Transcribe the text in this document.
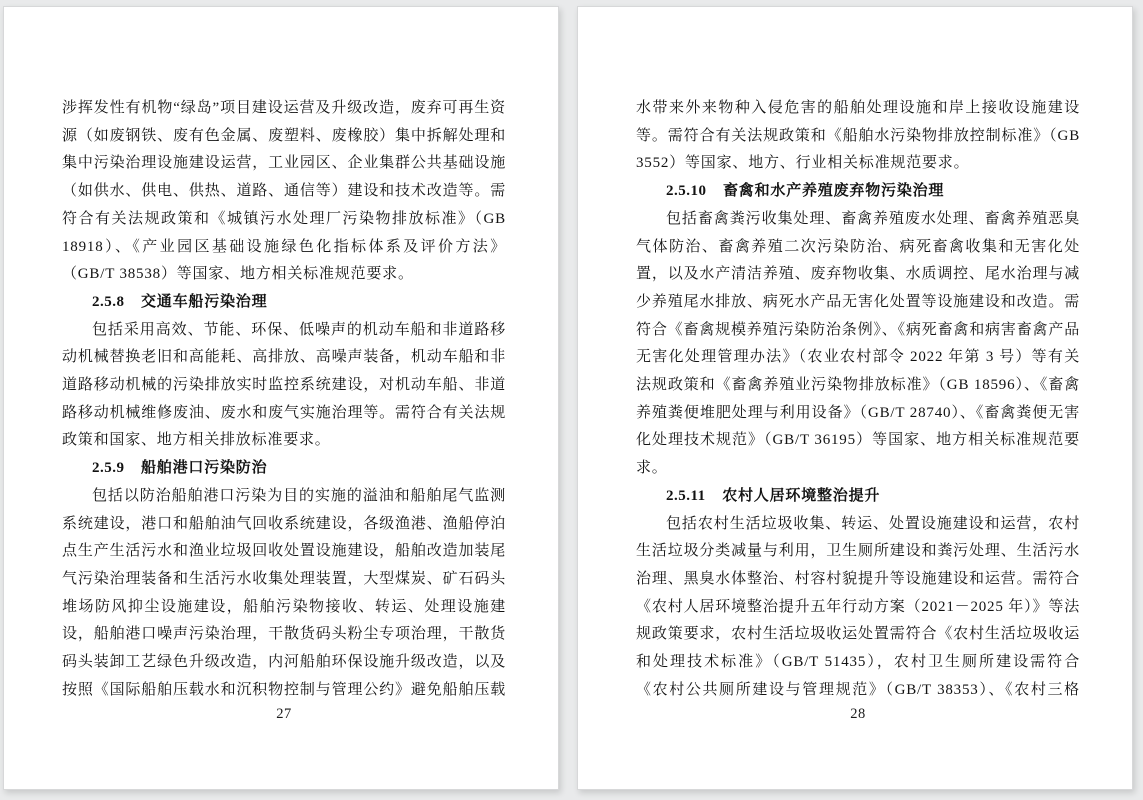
涉挥发性有机物“绿岛”项目建设运营及升级改造，废弃可再生资源（如废钢铁、废有色金属、废塑料、废橡胶）集中拆解处理和集中污染治理设施建设运营，工业园区、企业集群公共基础设施（如供水、供电、供热、道路、通信等）建设和技术改造等。需符合有关法规政策和《城镇污水处理厂污染物排放标准》（GB 18918）、《产业园区基础设施绿色化指标体系及评价方法》（GB/T 38538）等国家、地方相关标准规范要求。

2.5.8 交通车船污染治理

包括采用高效、节能、环保、低噪声的机动车船和非道路移动机械替换老旧和高能耗、高排放、高噪声装备，机动车船和非道路移动机械的污染排放实时监控系统建设，对机动车船、非道路移动机械维修废油、废水和废气实施治理等。需符合有关法规政策和国家、地方相关排放标准要求。

2.5.9 船舶港口污染防治

包括以防治船舶港口污染为目的实施的溢油和船舶尾气监测系统建设，港口和船舶油气回收系统建设，各级渔港、渔船停泊点生产生活污水和渔业垃圾回收处置设施建设，船舶改造加装尾气污染治理装备和生活污水收集处理装置，大型煤炭、矿石码头堆场防风抑尘设施建设，船舶污染物接收、转运、处理设施建设，船舶港口噪声污染治理，干散货码头粉尘专项治理，干散货码头装卸工艺绿色升级改造，内河船舶环保设施升级改造，以及按照《国际船舶压载水和沉积物控制与管理公约》避免船舶压载

27

水带来外来物种入侵危害的船舶处理设施和岸上接收设施建设等。需符合有关法规政策和《船舶水污染物排放控制标准》（GB 3552）等国家、地方、行业相关标准规范要求。

2.5.10 畜禽和水产养殖废弃物污染治理

包括畜禽粪污收集处理、畜禽养殖废水处理、畜禽养殖恶臭气体防治、畜禽养殖二次污染防治、病死畜禽收集和无害化处置，以及水产清洁养殖、废弃物收集、水质调控、尾水治理与减少养殖尾水排放、病死水产品无害化处置等设施建设和改造。需符合《畜禽规模养殖污染防治条例》、《病死畜禽和病害畜禽产品无害化处理管理办法》（农业农村部令 2022 年第 3 号）等有关法规政策和《畜禽养殖业污染物排放标准》（GB 18596）、《畜禽养殖粪便堆肥处理与利用设备》（GB/T 28740）、《畜禽粪便无害化处理技术规范》（GB/T 36195）等国家、地方相关标准规范要求。

2.5.11 农村人居环境整治提升

包括农村生活垃圾收集、转运、处置设施建设和运营，农村生活垃圾分类减量与利用，卫生厕所建设和粪污处理、生活污水治理、黑臭水体整治、村容村貌提升等设施建设和运营。需符合《农村人居环境整治提升五年行动方案（2021－2025 年）》等法规政策要求，农村生活垃圾收运处置需符合《农村生活垃圾收运和处理技术标准》（GB/T 51435），农村卫生厕所建设需符合《农村公共厕所建设与管理规范》（GB/T 38353）、《农村三格

28
